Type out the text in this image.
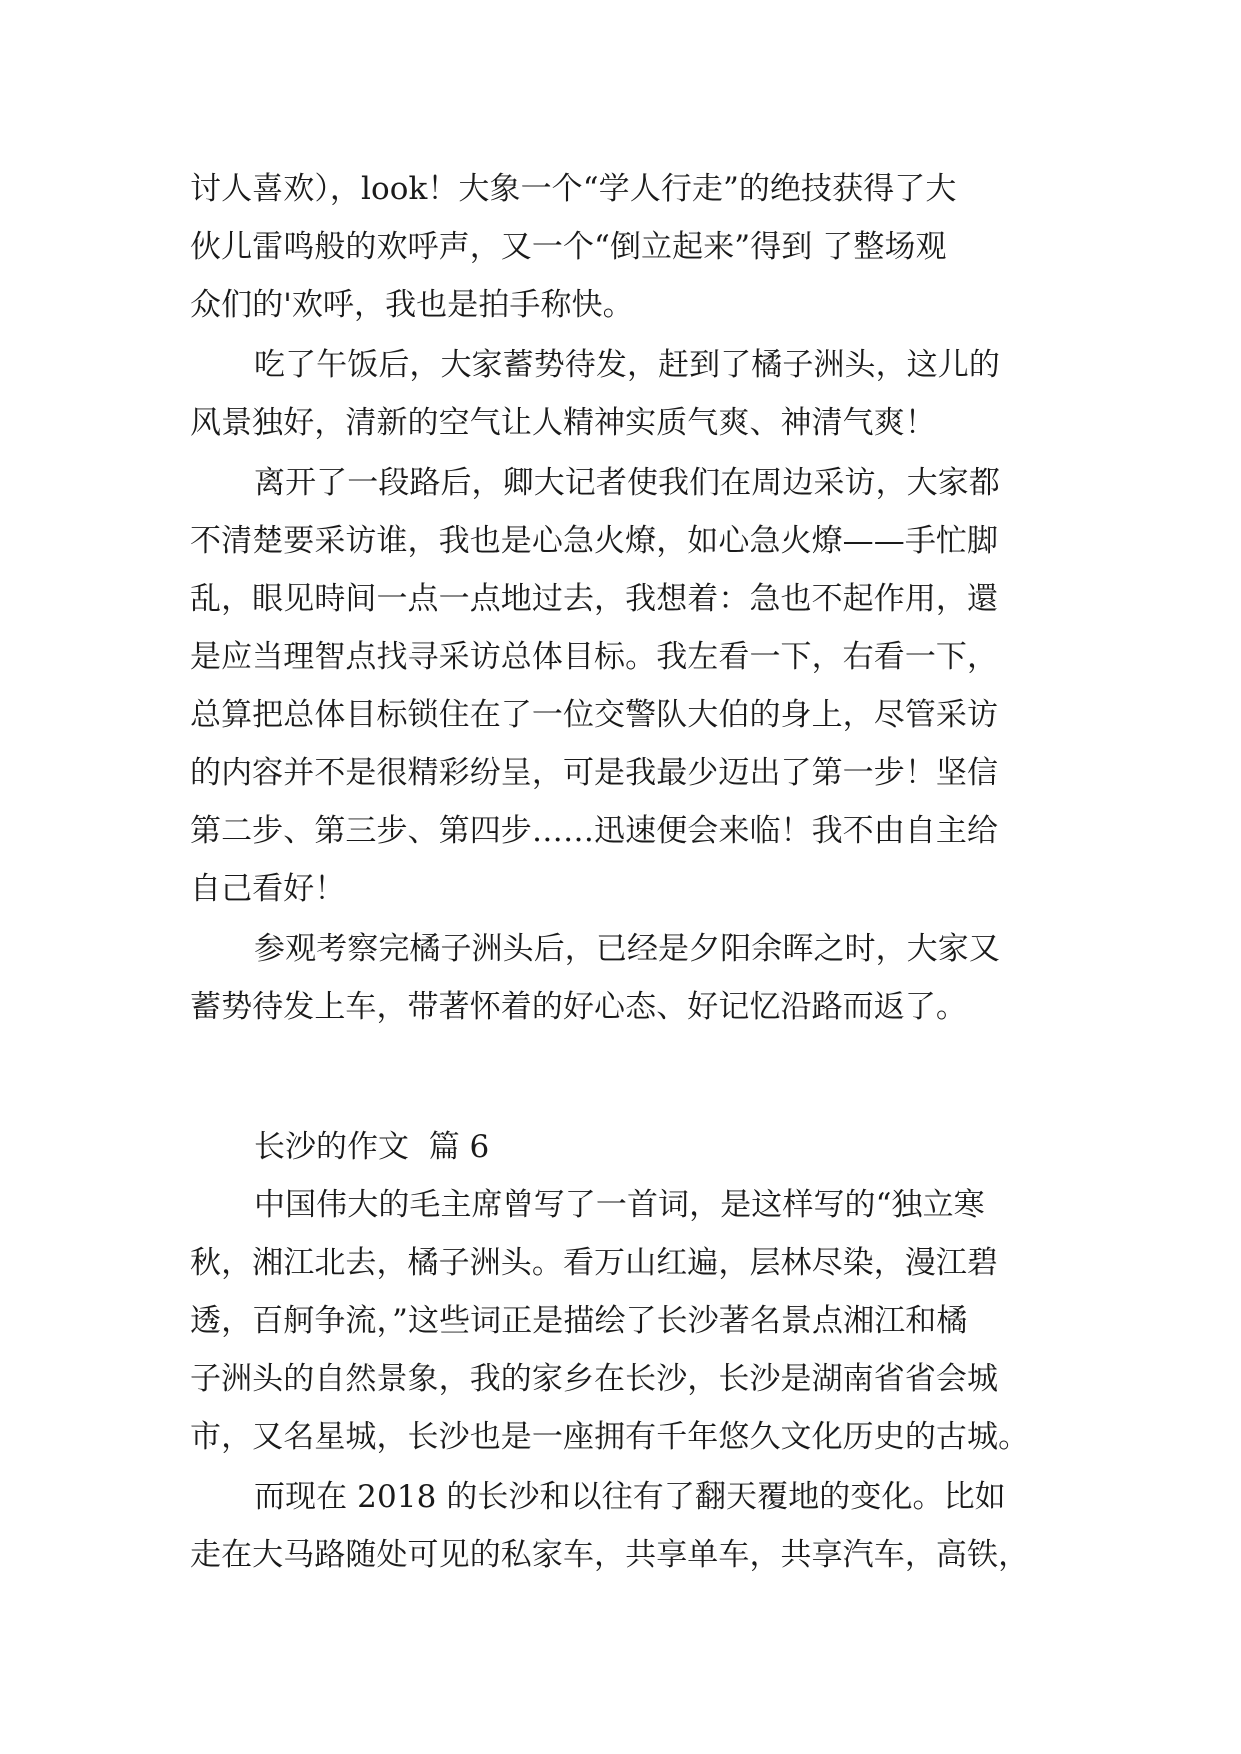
讨人喜欢），look！大象一个“学人行走”的绝技获得了大
伙儿雷鸣般的欢呼声，又一个“倒立起来”得到 了整场观
众们的'欢呼，我也是拍手称快。
吃了午饭后，大家蓄势待发，赶到了橘子洲头，这儿的
风景独好，清新的空气让人精神实质气爽、神清气爽！
离开了一段路后，卿大记者使我们在周边采访，大家都
不清楚要采访谁，我也是心急火燎，如心急火燎——手忙脚
乱，眼见時间一点一点地过去，我想着：急也不起作用，還
是应当理智点找寻采访总体目标。我左看一下，右看一下，
总算把总体目标锁住在了一位交警队大伯的身上，尽管采访
的内容并不是很精彩纷呈，可是我最少迈出了第一步！坚信
第二步、第三步、第四步……迅速便会来临！我不由自主给
自己看好！
参观考察完橘子洲头后，已经是夕阳余晖之时，大家又
蓄势待发上车，带著怀着的好心态、好记忆沿路而返了。
长沙的作文  篇 6
中国伟大的毛主席曾写了一首词，是这样写的“独立寒
秋，湘江北去，橘子洲头。看万山红遍，层林尽染，漫江碧
透，百舸争流，”这些词正是描绘了长沙著名景点湘江和橘
子洲头的自然景象，我的家乡在长沙，长沙是湖南省省会城
市，又名星城，长沙也是一座拥有千年悠久文化历史的古城。
而现在 2018 的长沙和以往有了翻天覆地的变化。比如
走在大马路随处可见的私家车，共享单车，共享汽车，高铁，
